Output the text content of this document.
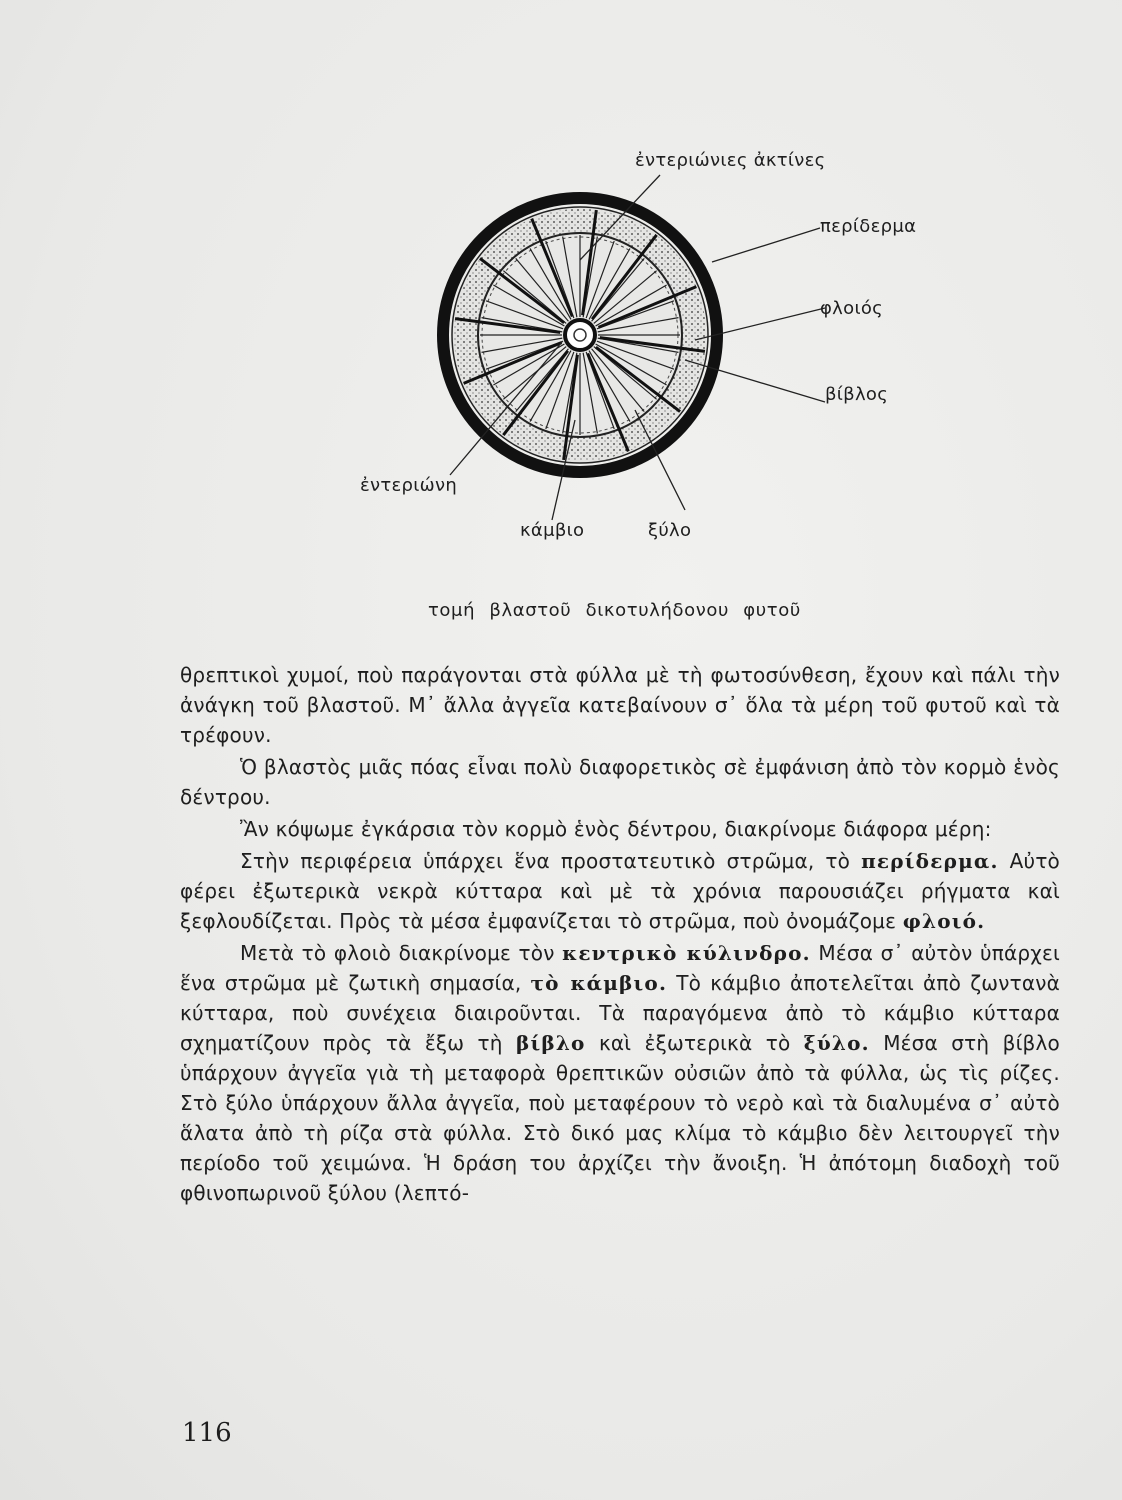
ἐντεριώνιες ἀκτίνες
περίδερμα
φλοιός
βίβλος
ἐντεριώνη
κάμβιο	ξύλο
τομή βλαστοῦ δικοτυλήδονου φυτοῦ

θρεπτικοὶ χυμοί, ποὺ παράγονται στὰ φύλλα μὲ τὴ φωτοσύνθεση, ἔχουν καὶ πάλι τὴν ἀνάγκη τοῦ βλαστοῦ. Μ᾽ ἄλλα ἀγγεῖα κατεβαίνουν σ᾽ ὅλα τὰ μέρη τοῦ φυτοῦ καὶ τὰ τρέφουν.

Ὁ βλαστὸς μιᾶς πόας εἶναι πολὺ διαφορετικὸς σὲ ἐμφάνιση ἀπὸ τὸν κορμὸ ἑνὸς δέντρου.

Ἂν κόψωμε ἐγκάρσια τὸν κορμὸ ἑνὸς δέντρου, διακρίνομε διάφορα μέρη:

Στὴν περιφέρεια ὑπάρχει ἕνα προστατευτικὸ στρῶμα, τὸ περίδερμα. Αὐτὸ φέρει ἐξωτερικὰ νεκρὰ κύτταρα καὶ μὲ τὰ χρόνια παρουσιάζει ρήγματα καὶ ξεφλουδίζεται. Πρὸς τὰ μέσα ἐμφανίζεται τὸ στρῶμα, ποὺ ὀνομάζομε φλοιό.

Μετὰ τὸ φλοιὸ διακρίνομε τὸν κεντρικὸ κύλινδρο. Μέσα σ᾽ αὐτὸν ὑπάρχει ἕνα στρῶμα μὲ ζωτικὴ σημασία, τὸ κάμβιο. Τὸ κάμβιο ἀποτελεῖται ἀπὸ ζωντανὰ κύτταρα, ποὺ συνέχεια διαιροῦνται. Τὰ παραγόμενα ἀπὸ τὸ κάμβιο κύτταρα σχηματίζουν πρὸς τὰ ἔξω τὴ βίβλο καὶ ἐξωτερικὰ τὸ ξύλο. Μέσα στὴ βίβλο ὑπάρχουν ἀγγεῖα γιὰ τὴ μεταφορὰ θρεπτικῶν οὐσιῶν ἀπὸ τὰ φύλλα, ὡς τὶς ρίζες. Στὸ ξύλο ὑπάρχουν ἄλλα ἀγγεῖα, ποὺ μεταφέρουν τὸ νερὸ καὶ τὰ διαλυμένα σ᾽ αὐτὸ ἅλατα ἀπὸ τὴ ρίζα στὰ φύλλα. Στὸ δικό μας κλίμα τὸ κάμβιο δὲν λειτουργεῖ τὴν περίοδο τοῦ χειμώνα. Ἡ δράση του ἀρχίζει τὴν ἄνοιξη. Ἡ ἀπότομη διαδοχὴ τοῦ φθινοπωρινοῦ ξύλου (λεπτό-

116
